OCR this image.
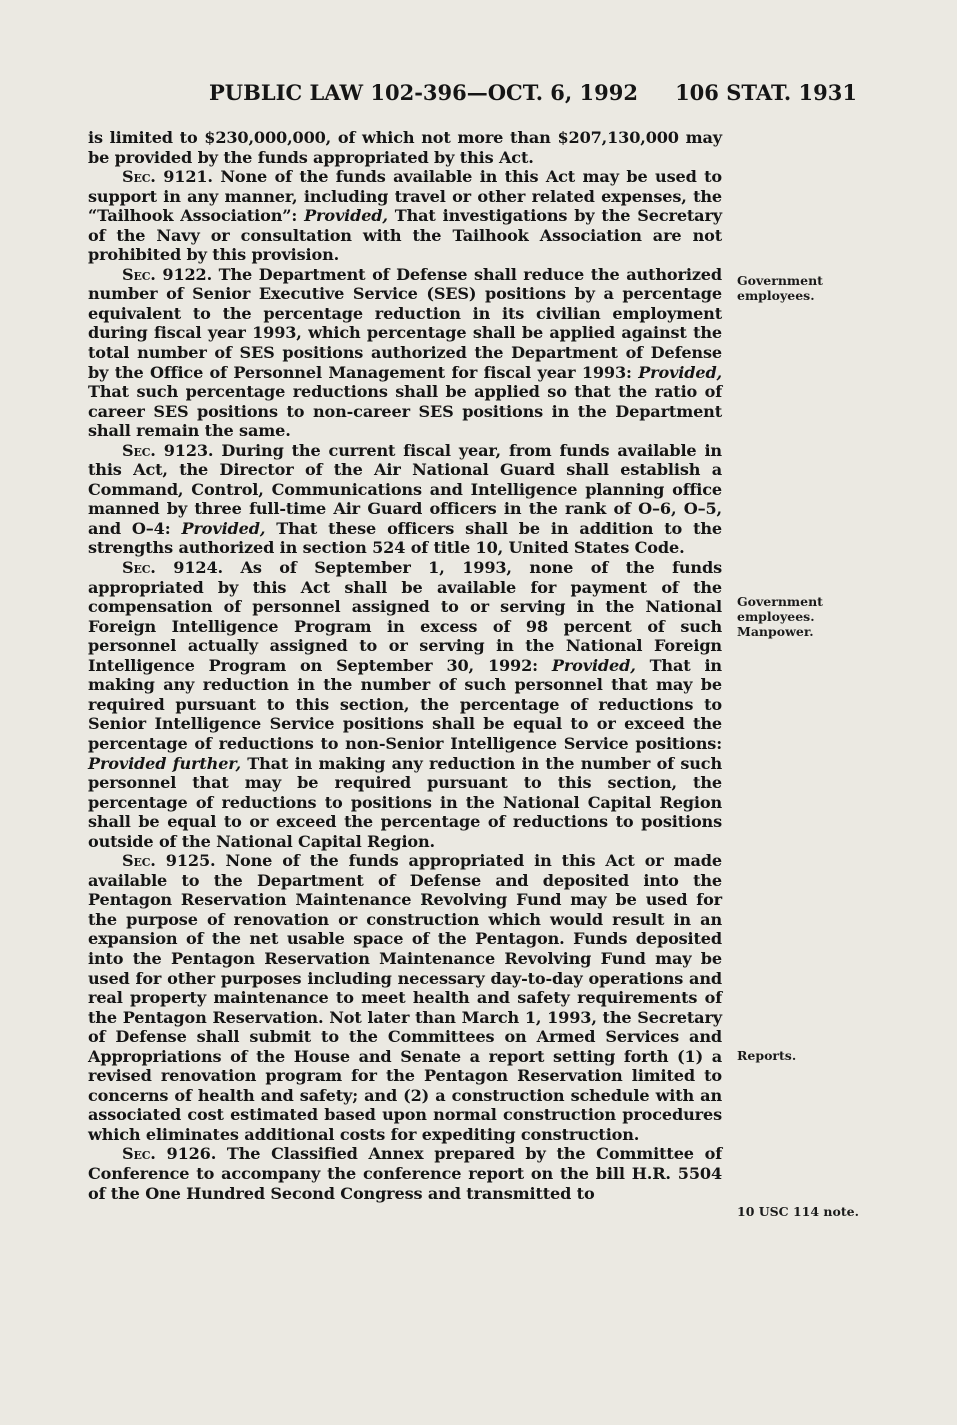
PUBLIC LAW 102-396—OCT. 6, 1992 106 STAT. 1931

is limited to $230,000,000, of which not more than $207,130,000 may be provided by the funds appropriated by this Act.

Sec. 9121. None of the funds available in this Act may be used to support in any manner, including travel or other related expenses, the “Tailhook Association”: Provided, That investigations by the Secretary of the Navy or consultation with the Tailhook Association are not prohibited by this provision.

Sec. 9122. The Department of Defense shall reduce the authorized number of Senior Executive Service (SES) positions by a percentage equivalent to the percentage reduction in its civilian employment during fiscal year 1993, which percentage shall be applied against the total number of SES positions authorized the Department of Defense by the Office of Personnel Management for fiscal year 1993: Provided, That such percentage reductions shall be applied so that the ratio of career SES positions to non-career SES positions in the Department shall remain the same.

Sec. 9123. During the current fiscal year, from funds available in this Act, the Director of the Air National Guard shall establish a Command, Control, Communications and Intelligence planning office manned by three full-time Air Guard officers in the rank of O–6, O–5, and O–4: Provided, That these officers shall be in addition to the strengths authorized in section 524 of title 10, United States Code.

Sec. 9124. As of September 1, 1993, none of the funds appropriated by this Act shall be available for payment of the compensation of personnel assigned to or serving in the National Foreign Intelligence Program in excess of 98 percent of such personnel actually assigned to or serving in the National Foreign Intelligence Program on September 30, 1992: Provided, That in making any reduction in the number of such personnel that may be required pursuant to this section, the percentage of reductions to Senior Intelligence Service positions shall be equal to or exceed the percentage of reductions to non-Senior Intelligence Service positions: Provided further, That in making any reduction in the number of such personnel that may be required pursuant to this section, the percentage of reductions to positions in the National Capital Region shall be equal to or exceed the percentage of reductions to positions outside of the National Capital Region.

Sec. 9125. None of the funds appropriated in this Act or made available to the Department of Defense and deposited into the Pentagon Reservation Maintenance Revolving Fund may be used for the purpose of renovation or construction which would result in an expansion of the net usable space of the Pentagon. Funds deposited into the Pentagon Reservation Maintenance Revolving Fund may be used for other purposes including necessary day-to-day operations and real property maintenance to meet health and safety requirements of the Pentagon Reservation. Not later than March 1, 1993, the Secretary of Defense shall submit to the Committees on Armed Services and Appropriations of the House and Senate a report setting forth (1) a revised renovation program for the Pentagon Reservation limited to concerns of health and safety; and (2) a construction schedule with an associated cost estimated based upon normal construction procedures which eliminates additional costs for expediting construction.

Sec. 9126. The Classified Annex prepared by the Committee of Conference to accompany the conference report on the bill H.R. 5504 of the One Hundred Second Congress and transmitted to

Government
employees.
Government
employees.
Manpower.
Reports.
10 USC 114 note.
